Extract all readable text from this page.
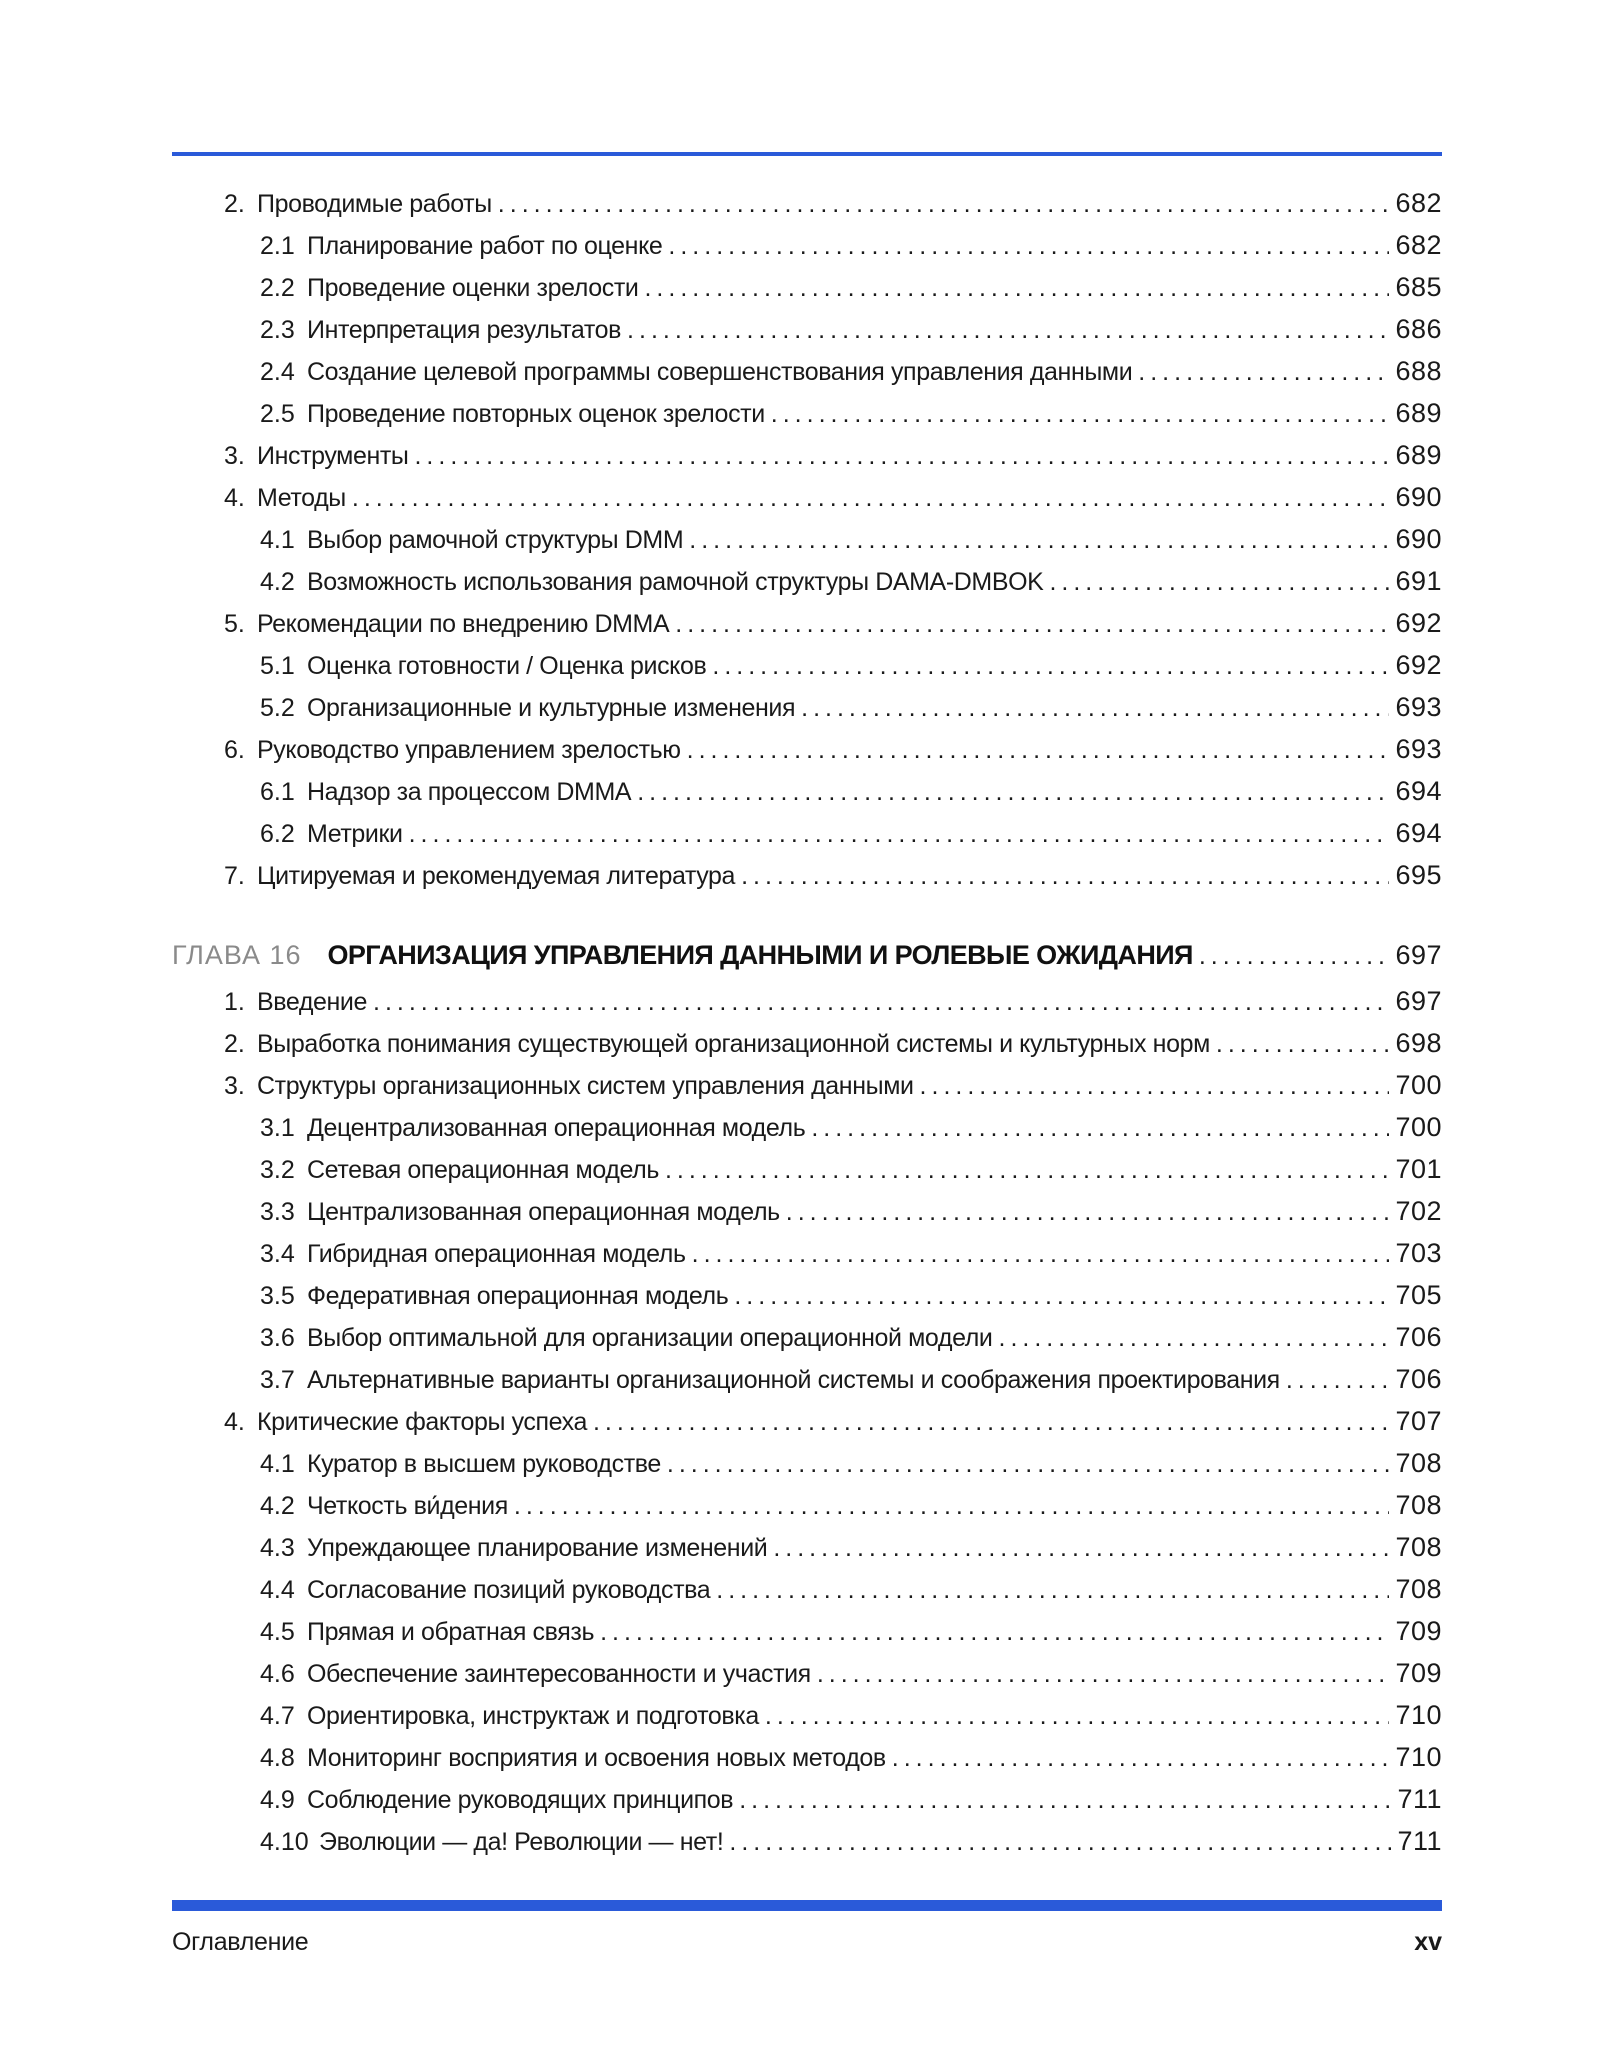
2. Проводимые работы .....	682
2.1 Планирование работ по оценке .....	682
2.2 Проведение оценки зрелости .....	685
2.3 Интерпретация результатов .....	686
2.4 Создание целевой программы совершенствования управления данными .....	688
2.5 Проведение повторных оценок зрелости .....	689
3. Инструменты .....	689
4. Методы .....	690
4.1 Выбор рамочной структуры DMM .....	690
4.2 Возможность использования рамочной структуры DAMA-DMBOK .....	691
5. Рекомендации по внедрению DMMA .....	692
5.1 Оценка готовности / Оценка рисков .....	692
5.2 Организационные и культурные изменения .....	693
6. Руководство управлением зрелостью .....	693
6.1 Надзор за процессом DMMA .....	694
6.2 Метрики .....	694
7. Цитируемая и рекомендуемая литература .....	695
ГЛАВА 16 ОРГАНИЗАЦИЯ УПРАВЛЕНИЯ ДАННЫМИ И РОЛЕВЫЕ ОЖИДАНИЯ .....	697
1. Введение .....	697
2. Выработка понимания существующей организационной системы и культурных норм .....	698
3. Структуры организационных систем управления данными .....	700
3.1 Децентрализованная операционная модель .....	700
3.2 Сетевая операционная модель .....	701
3.3 Централизованная операционная модель .....	702
3.4 Гибридная операционная модель .....	703
3.5 Федеративная операционная модель .....	705
3.6 Выбор оптимальной для организации операционной модели .....	706
3.7 Альтернативные варианты организационной системы и соображения проектирования .....	706
4. Критические факторы успеха .....	707
4.1 Куратор в высшем руководстве .....	708
4.2 Четкость ви́дения .....	708
4.3 Упреждающее планирование изменений .....	708
4.4 Согласование позиций руководства .....	708
4.5 Прямая и обратная связь .....	709
4.6 Обеспечение заинтересованности и участия .....	709
4.7 Ориентировка, инструктаж и подготовка .....	710
4.8 Мониторинг восприятия и освоения новых методов .....	710
4.9 Соблюдение руководящих принципов .....	711
4.10 Эволюции — да! Революции — нет! .....	711
Оглавление	xv
